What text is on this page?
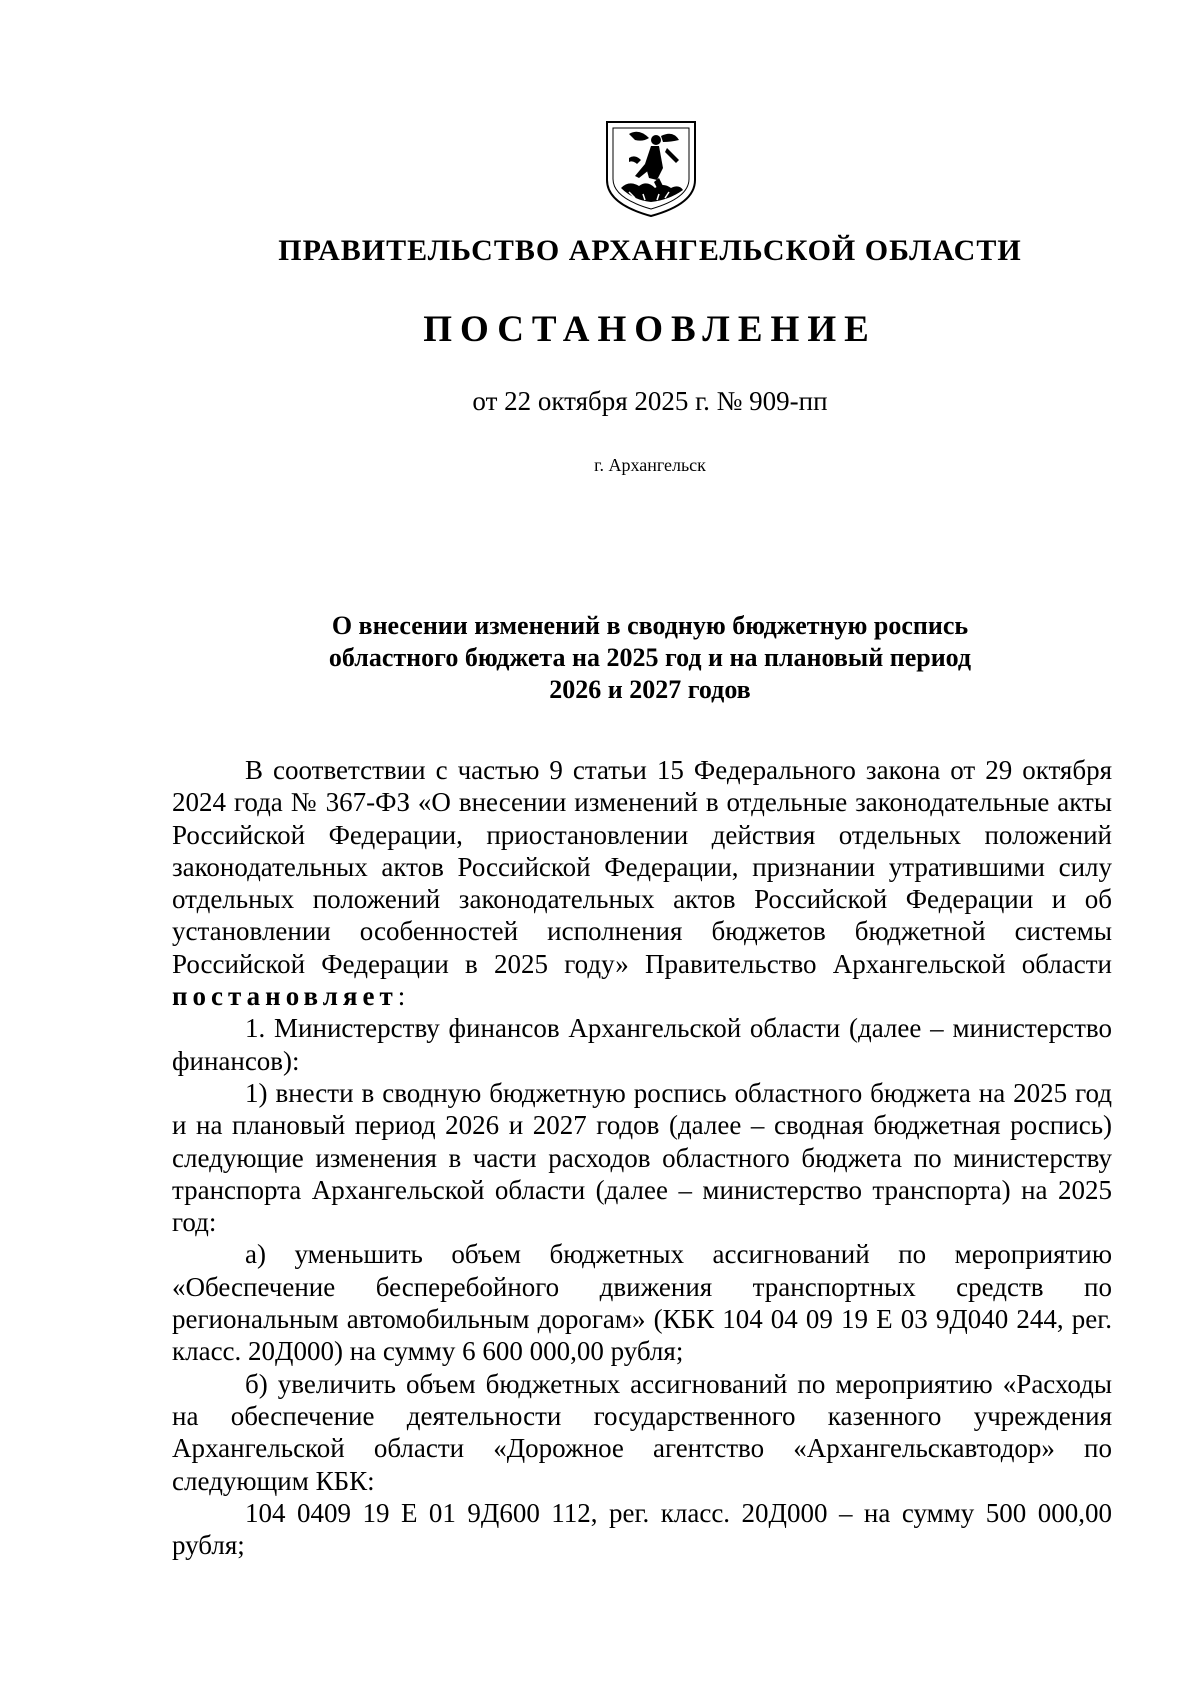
ПРАВИТЕЛЬСТВО АРХАНГЕЛЬСКОЙ ОБЛАСТИ
ПОСТАНОВЛЕНИЕ
от 22 октября 2025 г. № 909-пп
г. Архангельск
О внесении изменений в сводную бюджетную роспись
областного бюджета на 2025 год и на плановый период
2026 и 2027 годов

В соответствии с частью 9 статьи 15 Федерального закона от 29 октября 2024 года № 367-ФЗ «О внесении изменений в отдельные законодательные акты Российской Федерации, приостановлении действия отдельных положений законодательных актов Российской Федерации, признании утратившими силу отдельных положений законодательных актов Российской Федерации и об установлении особенностей исполнения бюджетов бюджетной системы Российской Федерации в 2025 году» Правительство Архангельской области постановляет:

1. Министерству финансов Архангельской области (далее – министерство финансов):

1) внести в сводную бюджетную роспись областного бюджета на 2025 год и на плановый период 2026 и 2027 годов (далее – сводная бюджетная роспись) следующие изменения в части расходов областного бюджета по министерству транспорта Архангельской области (далее – министерство транспорта) на 2025 год:

а) уменьшить объем бюджетных ассигнований по мероприятию «Обеспечение бесперебойного движения транспортных средств по региональным автомобильным дорогам» (КБК 104 04 09 19 Е 03 9Д040 244, рег. класс. 20Д000) на сумму 6 600 000,00 рубля;

б) увеличить объем бюджетных ассигнований по мероприятию «Расходы на обеспечение деятельности государственного казенного учреждения Архангельской области «Дорожное агентство «Архангельскавтодор» по следующим КБК:

104 0409 19 Е 01 9Д600 112, рег. класс. 20Д000 – на сумму 500 000,00 рубля;
